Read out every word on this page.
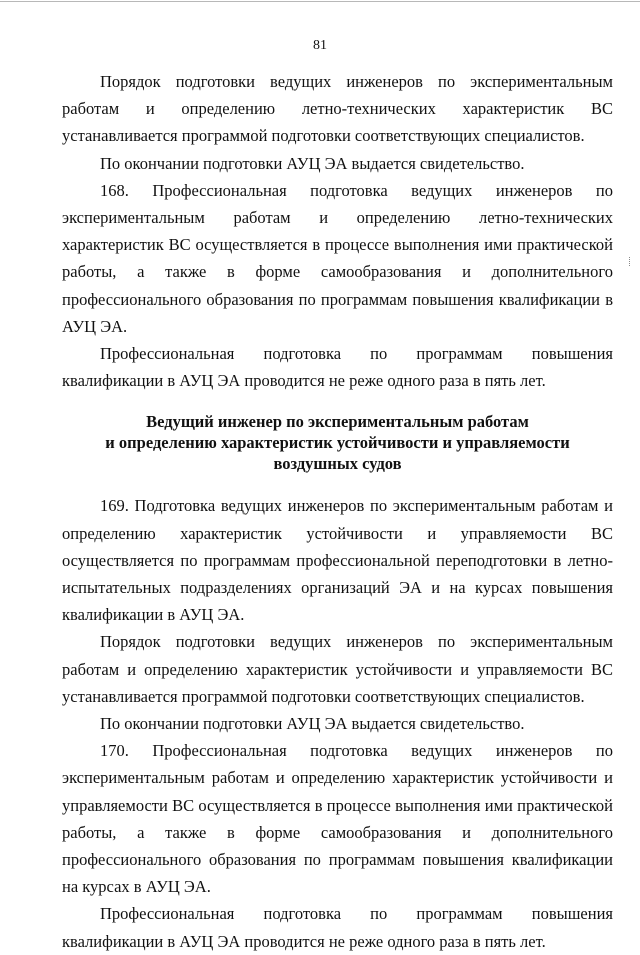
81

Порядок подготовки ведущих инженеров по экспериментальным работам и определению летно-технических характеристик ВС устанавливается программой подготовки соответствующих специалистов.

По окончании подготовки АУЦ ЭА выдается свидетельство.

168. Профессиональная подготовка ведущих инженеров по экспериментальным работам и определению летно-технических характеристик ВС осуществляется в процессе выполнения ими практической работы, а также в форме самообразования и дополнительного профессионального образования по программам повышения квалификации в АУЦ ЭА.

Профессиональная подготовка по программам повышения квалификации в АУЦ ЭА проводится не реже одного раза в пять лет.

Ведущий инженер по экспериментальным работам
и определению характеристик устойчивости и управляемости
воздушных судов

169. Подготовка ведущих инженеров по экспериментальным работам и определению характеристик устойчивости и управляемости ВС осуществляется по программам профессиональной переподготовки в летно-испытательных подразделениях организаций ЭА и на курсах повышения квалификации в АУЦ ЭА.

Порядок подготовки ведущих инженеров по экспериментальным работам и определению характеристик устойчивости и управляемости ВС устанавливается программой подготовки соответствующих специалистов.

По окончании подготовки АУЦ ЭА выдается свидетельство.

170. Профессиональная подготовка ведущих инженеров по экспериментальным работам и определению характеристик устойчивости и управляемости ВС осуществляется в процессе выполнения ими практической работы, а также в форме самообразования и дополнительного профессионального образования по программам повышения квалификации на курсах в АУЦ ЭА.

Профессиональная подготовка по программам повышения квалификации в АУЦ ЭА проводится не реже одного раза в пять лет.
